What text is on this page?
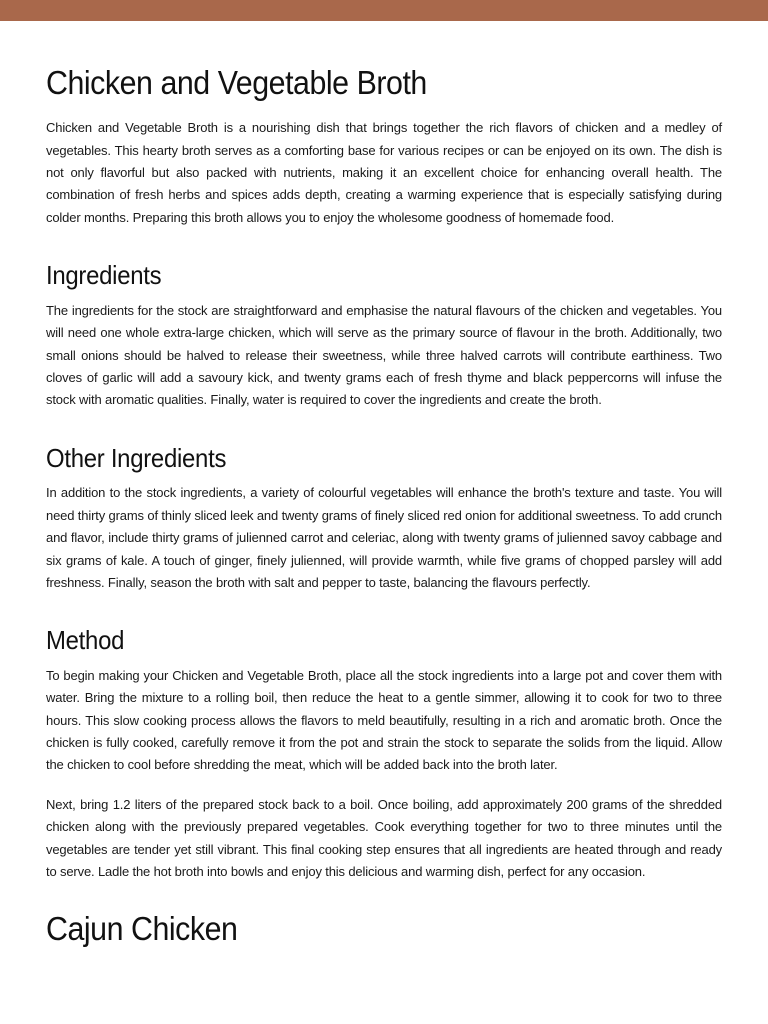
Chicken and Vegetable Broth

Chicken and Vegetable Broth is a nourishing dish that brings together the rich flavors of chicken and a medley of vegetables. This hearty broth serves as a comforting base for various recipes or can be enjoyed on its own. The dish is not only flavorful but also packed with nutrients, making it an excellent choice for enhancing overall health. The combination of fresh herbs and spices adds depth, creating a warming experience that is especially satisfying during colder months. Preparing this broth allows you to enjoy the wholesome goodness of homemade food.

Ingredients

The ingredients for the stock are straightforward and emphasise the natural flavours of the chicken and vegetables. You will need one whole extra-large chicken, which will serve as the primary source of flavour in the broth. Additionally, two small onions should be halved to release their sweetness, while three halved carrots will contribute earthiness. Two cloves of garlic will add a savoury kick, and twenty grams each of fresh thyme and black peppercorns will infuse the stock with aromatic qualities. Finally, water is required to cover the ingredients and create the broth.

Other Ingredients

In addition to the stock ingredients, a variety of colourful vegetables will enhance the broth's texture and taste. You will need thirty grams of thinly sliced leek and twenty grams of finely sliced red onion for additional sweetness. To add crunch and flavor, include thirty grams of julienned carrot and celeriac, along with twenty grams of julienned savoy cabbage and six grams of kale. A touch of ginger, finely julienned, will provide warmth, while five grams of chopped parsley will add freshness. Finally, season the broth with salt and pepper to taste, balancing the flavours perfectly.

Method

To begin making your Chicken and Vegetable Broth, place all the stock ingredients into a large pot and cover them with water. Bring the mixture to a rolling boil, then reduce the heat to a gentle simmer, allowing it to cook for two to three hours. This slow cooking process allows the flavors to meld beautifully, resulting in a rich and aromatic broth. Once the chicken is fully cooked, carefully remove it from the pot and strain the stock to separate the solids from the liquid. Allow the chicken to cool before shredding the meat, which will be added back into the broth later.

Next, bring 1.2 liters of the prepared stock back to a boil. Once boiling, add approximately 200 grams of the shredded chicken along with the previously prepared vegetables. Cook everything together for two to three minutes until the vegetables are tender yet still vibrant. This final cooking step ensures that all ingredients are heated through and ready to serve. Ladle the hot broth into bowls and enjoy this delicious and warming dish, perfect for any occasion.

Cajun Chicken
